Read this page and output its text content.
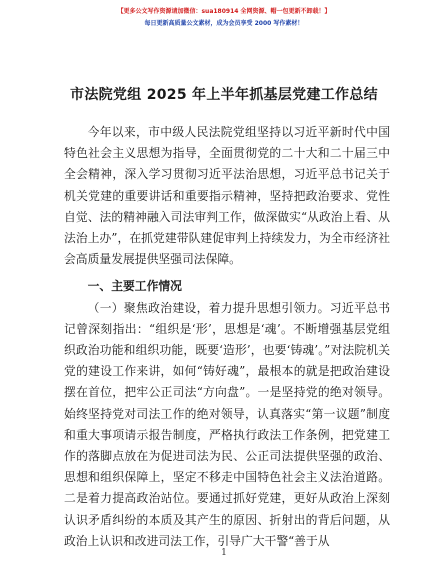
【更多公文写作资源请加微信：sua180914 全网资源、帽一包更新不卸载！】
每日更新高质量公文素材，成为会员享受 2000 写作素材！
市法院党组 2025 年上半年抓基层党建工作总结

今年以来，市中级人民法院党组坚持以习近平新时代中国特色社会主义思想为指导，全面贯彻党的二十大和二十届三中全会精神，深入学习贯彻习近平法治思想，习近平总书记关于机关党建的重要讲话和重要指示精神，坚持把政治要求、党性自觉、法的精神融入司法审判工作，做深做实“从政治上看、从法治上办”，在抓党建带队建促审判上持续发力，为全市经济社会高质量发展提供坚强司法保障。

一、主要工作情况

（一）聚焦政治建设，着力提升思想引领力。习近平总书记曾深刻指出：“组织是‘形’，思想是‘魂’。不断增强基层党组织政治功能和组织功能，既要‘造形’，也要‘铸魂’。”对法院机关党的建设工作来讲，如何“铸好魂”，最根本的就是把政治建设摆在首位，把牢公正司法“方向盘”。一是坚持党的绝对领导。始终坚持党对司法工作的绝对领导，认真落实“第一议题”制度和重大事项请示报告制度，严格执行政法工作条例，把党建工作的落脚点放在为促进司法为民、公正司法提供坚强的政治、思想和组织保障上，坚定不移走中国特色社会主义法治道路。二是着力提高政治站位。要通过抓好党建，更好从政治上深刻认识矛盾纠纷的本质及其产生的原因、折射出的背后问题，从政治上认识和改进司法工作，引导广大干警“善于从

1
